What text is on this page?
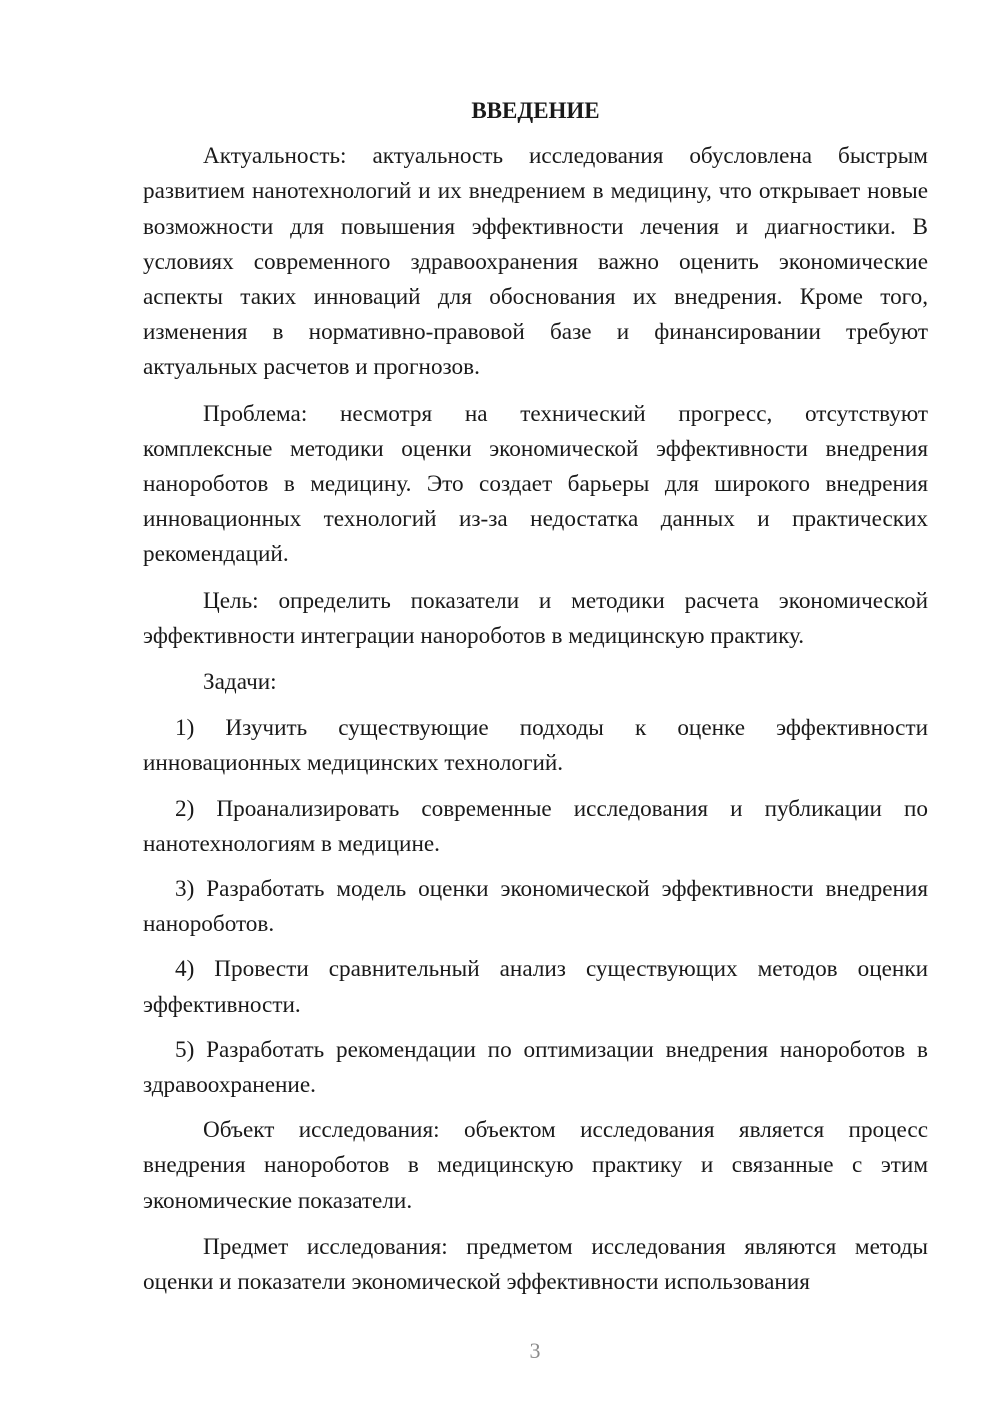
ВВЕДЕНИЕ

Актуальность: актуальность исследования обусловлена быстрым развитием нанотехнологий и их внедрением в медицину, что открывает новые возможности для повышения эффективности лечения и диагностики. В условиях современного здравоохранения важно оценить экономические аспекты таких инноваций для обоснования их внедрения. Кроме того, изменения в нормативно-правовой базе и финансировании требуют актуальных расчетов и прогнозов.

Проблема: несмотря на технический прогресс, отсутствуют комплексные методики оценки экономической эффективности внедрения нанороботов в медицину. Это создает барьеры для широкого внедрения инновационных технологий из-за недостатка данных и практических рекомендаций.

Цель: определить показатели и методики расчета экономической эффективности интеграции нанороботов в медицинскую практику.

Задачи:

1) Изучить существующие подходы к оценке эффективности инновационных медицинских технологий.

2) Проанализировать современные исследования и публикации по нанотехнологиям в медицине.

3) Разработать модель оценки экономической эффективности внедрения нанороботов.

4) Провести сравнительный анализ существующих методов оценки эффективности.

5) Разработать рекомендации по оптимизации внедрения нанороботов в здравоохранение.

Объект исследования: объектом исследования является процесс внедрения нанороботов в медицинскую практику и связанные с этим экономические показатели.

Предмет исследования: предметом исследования являются методы оценки и показатели экономической эффективности использования

3
